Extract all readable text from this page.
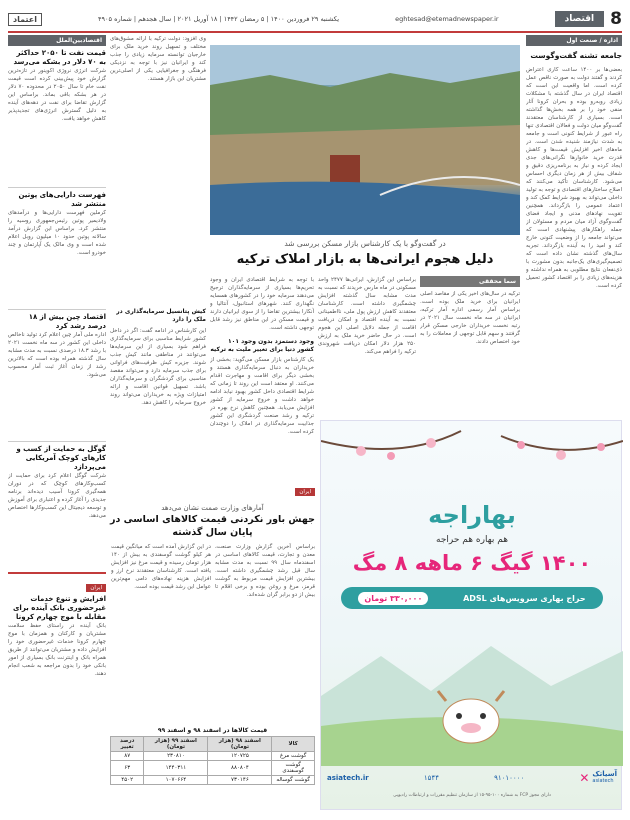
8
اقتصاد
eghtesad@etemadnewspaper.ir
یکشنبه ۲۹ فروردین ۱۴۰۰ | ۵ رمضان ۱۴۴۲ | ۱۸ آوریل ۲۰۲۱ | سال هجدهم | شماره ۴۹۰۵
اعتماد
اداره / صنعت اول
جامعه تشنه گفت‌وگوست
بعضی‌ها بر ۱۴۰۰ ساعت کاری اعتراض کردند و گفتند دولت به صورت ناقص عمل کرده است. اما واقعیت این است که اقتصاد ایران در سال گذشته با مشکلات زیادی روبه‌رو بوده و بحران کرونا آثار منفی خود را بر همه بخش‌ها گذاشته است. بسیاری از کارشناسان معتقدند گفت‌وگو میان دولت و فعالان اقتصادی تنها راه عبور از شرایط کنونی است و جامعه به شدت نیازمند شنیده شدن است. در ماه‌های اخیر افزایش قیمت‌ها و کاهش قدرت خرید خانوارها نگرانی‌های جدی ایجاد کرده و نیاز به برنامه‌ریزی دقیق و شفاف بیش از هر زمان دیگری احساس می‌شود. کارشناسان تأکید می‌کنند که اصلاح ساختارهای اقتصادی و توجه به تولید داخلی می‌تواند به بهبود شرایط کمک کند و اعتماد عمومی را بازگرداند. همچنین تقویت نهادهای مدنی و ایجاد فضای گفت‌وگوی آزاد میان مردم و مسئولان از جمله راهکارهای پیشنهادی است که می‌تواند جامعه را از وضعیت کنونی خارج کند و امید را به آینده بازگرداند. تجربه سال‌های گذشته نشان داده است که تصمیم‌گیری‌های یک‌جانبه بدون مشورت با ذی‌نفعان نتایج مطلوبی به همراه نداشته و هزینه‌های زیادی را بر اقتصاد کشور تحمیل کرده است.
در گفت‌وگو با یک کارشناس بازار مسکن بررسی شد
دلیل هجوم ایرانی‌ها به بازار املاک ترکیه
سما محققی
ترکیه در سال‌های اخیر یکی از مقاصد اصلی ایرانیان برای خرید ملک بوده است. براساس آمار رسمی اداره آمار ترکیه، ایرانیان در سه ماه نخست سال ۲۰۲۱ در رتبه نخست خریداران خارجی مسکن قرار گرفتند و سهم قابل توجهی از معاملات را به خود اختصاص دادند.
براساس این گزارش، ایرانی‌ها ۲۴۷۷ واحد مسکونی در ماه مارس خریدند که نسبت به مدت مشابه سال گذشته افزایش چشمگیری داشته است. کارشناسان معتقدند کاهش ارزش پول ملی، نااطمینانی نسبت به آینده اقتصاد و امکان دریافت اقامت از جمله دلایل اصلی این هجوم است. در حال حاضر خرید ملک به ارزش ۲۵۰ هزار دلار امکان دریافت شهروندی ترکیه را فراهم می‌کند.
با توجه به شرایط اقتصادی ایران و وجود تحریم‌ها بسیاری از سرمایه‌گذاران ترجیح می‌دهند سرمایه خود را در کشورهای همسایه نگهداری کنند. شهرهای استانبول، آنتالیا و آنکارا بیشترین تقاضا را از سوی ایرانیان دارند و قیمت مسکن در این مناطق نیز رشد قابل توجهی داشته است.
وجود دستمزد بدون وجود ۱۰۱ کشور دنیا برای تغییر ملیت به ترکیه
یک کارشناس بازار مسکن می‌گوید: بخشی از خریداران به دنبال سرمایه‌گذاری هستند و بخشی دیگر برای اقامت و مهاجرت اقدام می‌کنند. او معتقد است این روند تا زمانی که شرایط اقتصادی داخل کشور بهبود نیابد ادامه خواهد داشت و خروج سرمایه از کشور افزایش می‌یابد. همچنین کاهش نرخ بهره در ترکیه و رشد صنعت گردشگری این کشور جذابیت سرمایه‌گذاری در املاک را دوچندان کرده است.
وی افزود: دولت ترکیه با ارائه مشوق‌های مختلف و تسهیل روند خرید ملک برای خارجیان توانسته سرمایه زیادی را جذب کند و ایرانیان نیز با توجه به نزدیکی فرهنگی و جغرافیایی یکی از اصلی‌ترین مشتریان این بازار هستند.
کیش پتانسیل سرمایه‌گذاری در ملک را دارد
این کارشناس در ادامه گفت: اگر در داخل کشور شرایط مناسبی برای سرمایه‌گذاری فراهم شود بسیاری از این سرمایه‌ها می‌توانند در مناطقی مانند کیش جذب شوند. جزیره کیش ظرفیت‌های فراوانی برای جذب سرمایه دارد و می‌تواند مقصد مناسبی برای گردشگران و سرمایه‌گذاران باشد. تسهیل قوانین اقامت و ارائه امتیازات ویژه به خریداران می‌تواند روند خروج سرمایه را کاهش دهد.
ایران
آمارهای وزارت صمت نشان می‌دهد
جهش باور نکردنی قیمت کالاهای اساسی در پایان سال گذشته
براساس آخرین گزارش وزارت صنعت، معدن و تجارت، قیمت کالاهای اساسی در اسفندماه سال ۹۹ نسبت به مدت مشابه سال قبل رشد چشمگیری داشته است. بیشترین افزایش قیمت مربوط به گوشت قرمز، مرغ و روغن بوده و برخی اقلام تا بیش از دو برابر گران شده‌اند.
در این گزارش آمده است که میانگین قیمت هر کیلو گوشت گوسفندی به بیش از ۱۴۰ هزار تومان رسیده و قیمت مرغ نیز افزایش یافته است. کارشناسان معتقدند نرخ ارز و افزایش هزینه نهاده‌های دامی مهم‌ترین عوامل این رشد قیمت بوده است.
قیمت کالاها در اسفند ۹۸ و اسفند ۹۹
کالا	اسفند ۹۸ (هزار تومان)	اسفند ۹۹ (هزار تومان)	درصد تغییر
گوشت مرغ	۱۲۰۷۲۵	۲۳۰۸۱۰	۸۷
گوشت گوسفندی	۸۸۰۸۰۴	۱۴۴۰۳۱۱	۶۳
گوشت گوساله	۷۳۰۱۴۶	۱۰۷۰۶۶۴	۴۵۰۲
اقتصادبین‌الملل
قیمت نفت تا ۲۰۵۰ حداکثر به ۷۰ دلار در بشکه می‌رسد
شرکت انرژی نروژی اکوینور در تازه‌ترین گزارش خود پیش‌بینی کرده است قیمت نفت خام تا سال ۲۰۵۰ در محدوده ۷۰ دلار در هر بشکه باقی بماند. براساس این گزارش تقاضا برای نفت در دهه‌های آینده به دلیل گسترش انرژی‌های تجدیدپذیر کاهش خواهد یافت.
فهرست دارایی‌های پوتین منتشر شد
کرملین فهرست دارایی‌ها و درآمدهای ولادیمیر پوتین رئیس‌جمهوری روسیه را منتشر کرد. براساس این گزارش درآمد سالانه پوتین حدود ۱۰ میلیون روبل اعلام شده است و وی مالک یک آپارتمان و چند خودرو است.
اقتصاد چین بیش از ۱۸ درصد رشد کرد
اداره ملی آمار چین اعلام کرد تولید ناخالص داخلی این کشور در سه ماه نخست ۲۰۲۱ با رشد ۱۸.۳ درصدی نسبت به مدت مشابه سال گذشته همراه بوده است که بالاترین رشد از زمان آغاز ثبت آمار محسوب می‌شود.
گوگل به حمایت از کسب و کارهای کوچک آمریکایی می‌پردازد
شرکت گوگل اعلام کرد برای حمایت از کسب‌وکارهای کوچک که در دوران همه‌گیری کرونا آسیب دیده‌اند برنامه جدیدی را آغاز کرده و اعتباری برای آموزش و توسعه دیجیتال این کسب‌وکارها اختصاص می‌دهد.
ایران
افزایش و تنوع خدمات غیرحضوری بانک آینده برای مقابله با موج چهارم کرونا
بانک آینده در راستای حفظ سلامت مشتریان و کارکنان و همزمان با موج چهارم کرونا خدمات غیرحضوری خود را افزایش داده و مشتریان می‌توانند از طریق همراه بانک و اینترنت بانک بسیاری از امور بانکی خود را بدون مراجعه به شعب انجام دهند.
بهاراجه
هم بهاره هم حراجه
۱۴۰۰ گیگ ۶ ماهه ۸ مگ
حراج بهاری سرویس‌های ADSL
۳۳۰,۰۰۰ تومان
asiatech.ir	۱۵۴۴	۹۱۰۱۰۰۰۰	✕ آسیاتک
asiatech
دارای مجوز FCP به شماره ۱۰۰-۹۵-۱۵ از سازمان تنظیم مقررات و ارتباطات رادیویی
